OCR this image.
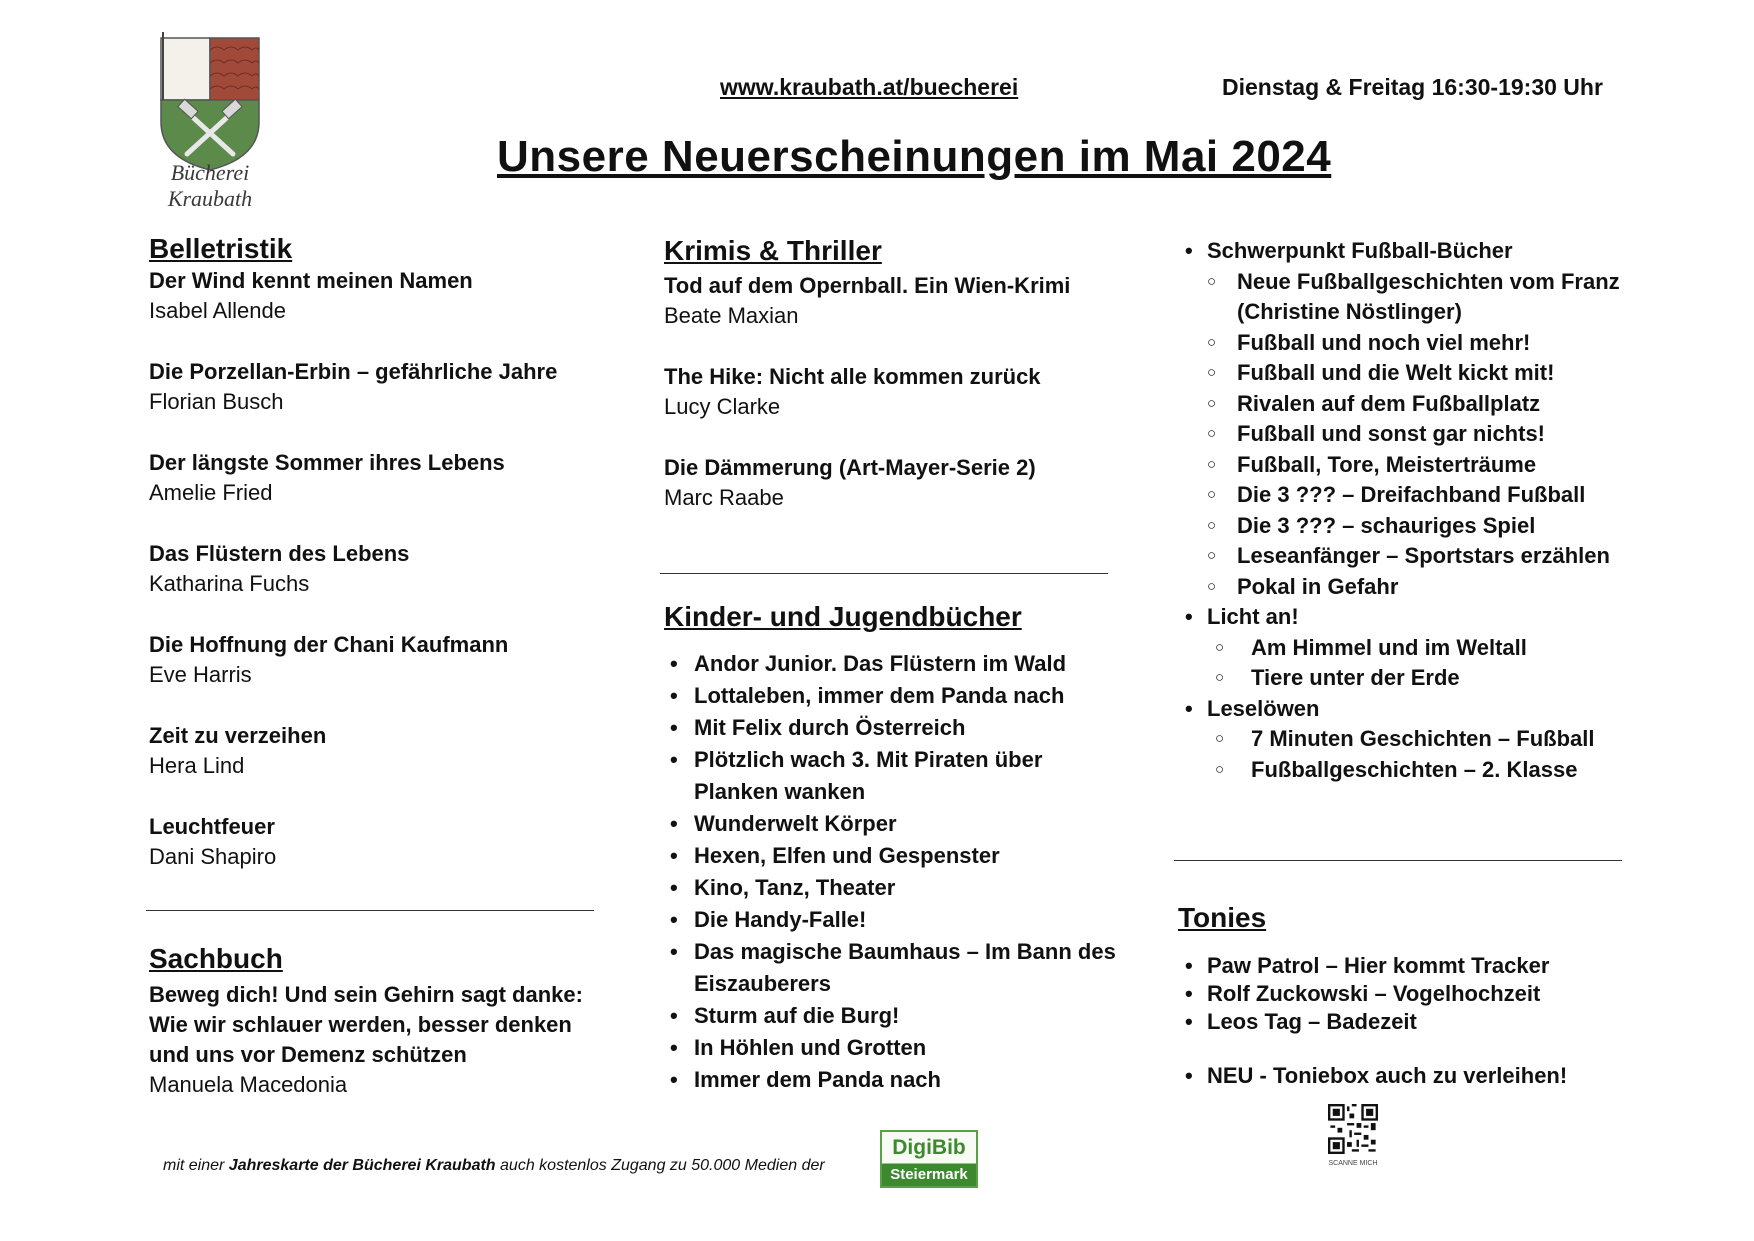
Bücherei
Kraubath
www.kraubath.at/buecherei	Dienstag & Freitag 16:30-19:30 Uhr
Unsere Neuerscheinungen im Mai 2024
Belletristik
Der Wind kennt meinen Namen
Isabel Allende
Die Porzellan-Erbin – gefährliche Jahre
Florian Busch
Der längste Sommer ihres Lebens
Amelie Fried
Das Flüstern des Lebens
Katharina Fuchs
Die Hoffnung der Chani Kaufmann
Eve Harris
Zeit zu verzeihen
Hera Lind
Leuchtfeuer
Dani Shapiro
Sachbuch
Beweg dich! Und sein Gehirn sagt danke: Wie wir schlauer werden, besser denken und uns vor Demenz schützen
Manuela Macedonia
Krimis & Thriller
Tod auf dem Opernball. Ein Wien-Krimi
Beate Maxian
The Hike: Nicht alle kommen zurück
Lucy Clarke
Die Dämmerung (Art-Mayer-Serie 2)
Marc Raabe
Kinder- und Jugendbücher
• Andor Junior. Das Flüstern im Wald
• Lottaleben, immer dem Panda nach
• Mit Felix durch Österreich
• Plötzlich wach 3. Mit Piraten über Planken wanken
• Wunderwelt Körper
• Hexen, Elfen und Gespenster
• Kino, Tanz, Theater
• Die Handy-Falle!
• Das magische Baumhaus – Im Bann des Eiszauberers
• Sturm auf die Burg!
• In Höhlen und Grotten
• Immer dem Panda nach
• Schwerpunkt Fußball-Bücher
○ Neue Fußballgeschichten vom Franz (Christine Nöstlinger)
○ Fußball und noch viel mehr!
○ Fußball und die Welt kickt mit!
○ Rivalen auf dem Fußballplatz
○ Fußball und sonst gar nichts!
○ Fußball, Tore, Meisterträume
○ Die 3 ??? – Dreifachband Fußball
○ Die 3 ??? – schauriges Spiel
○ Leseanfänger – Sportstars erzählen
○ Pokal in Gefahr
• Licht an!
○ Am Himmel und im Weltall
○ Tiere unter der Erde
• Leselöwen
○ 7 Minuten Geschichten – Fußball
○ Fußballgeschichten – 2. Klasse
Tonies
• Paw Patrol – Hier kommt Tracker
• Rolf Zuckowski – Vogelhochzeit
• Leos Tag – Badezeit
• NEU - Toniebox auch zu verleihen!
mit einer Jahreskarte der Bücherei Kraubath auch kostenlos Zugang zu 50.000 Medien der
DigiBib
Steiermark
SCANNE MICH
